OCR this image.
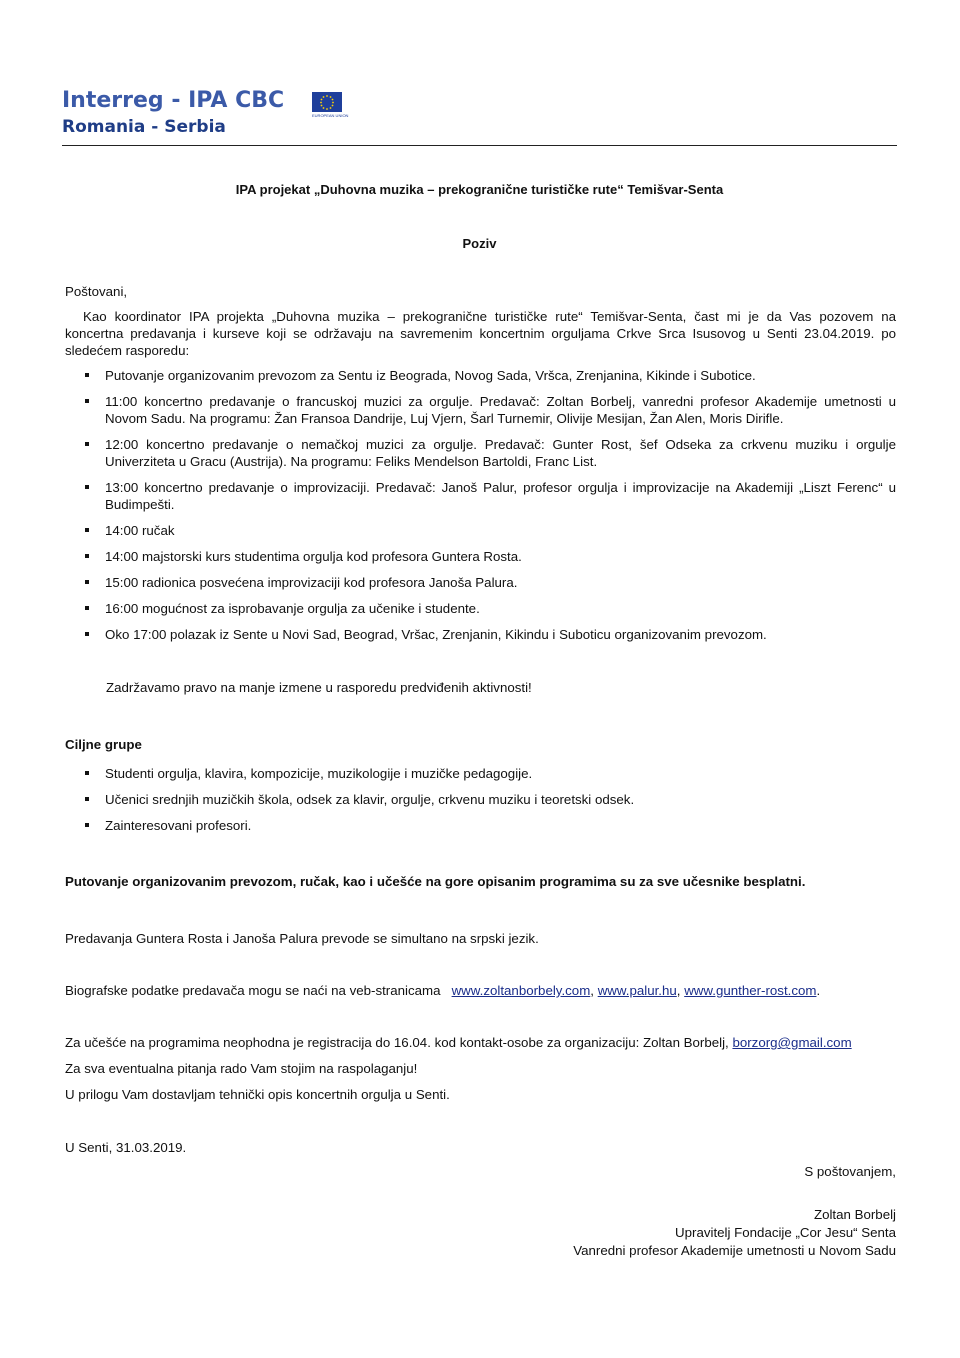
Interreg - IPA CBC
Romania - Serbia
EUROPEAN UNION
IPA projekat „Duhovna muzika – prekogranične turističke rute“ Temišvar-Senta
Poziv
Poštovani,
Kao koordinator IPA projekta „Duhovna muzika – prekogranične turističke rute“ Temišvar-Senta, čast mi je da Vas pozovem na
koncertna predavanja i kurseve koji se održavaju na savremenim koncertnim orguljama Crkve Srca Isusovog u Senti 23.04.2019. po
sledećem rasporedu:
Putovanje organizovanim prevozom za Sentu iz Beograda, Novog Sada, Vršca, Zrenjanina, Kikinde i Subotice.
11:00 koncertno predavanje o francuskoj muzici za orgulje. Predavač: Zoltan Borbelj, vanredni profesor Akademije umetnosti u
Novom Sadu. Na programu: Žan Fransoa Dandrije, Luj Vjern, Šarl Turnemir, Olivije Mesijan, Žan Alen, Moris Dirifle.
12:00 koncertno predavanje o nemačkoj muzici za orgulje. Predavač: Gunter Rost, šef Odseka za crkvenu muziku i orgulje
Univerziteta u Gracu (Austrija). Na programu: Feliks Mendelson Bartoldi, Franc List.
13:00 koncertno predavanje o improvizaciji. Predavač: Janoš Palur, profesor orgulja i improvizacije na Akademiji „Liszt Ferenc“ u
Budimpešti.
14:00 ručak
14:00 majstorski kurs studentima orgulja kod profesora Guntera Rosta.
15:00 radionica posvećena improvizaciji kod profesora Janoša Palura.
16:00 mogućnost za isprobavanje orgulja za učenike i studente.
Oko 17:00 polazak iz Sente u Novi Sad, Beograd, Vršac, Zrenjanin, Kikindu i Suboticu organizovanim prevozom.
Zadržavamo pravo na manje izmene u rasporedu predviđenih aktivnosti!
Ciljne grupe
Studenti orgulja, klavira, kompozicije, muzikologije i muzičke pedagogije.
Učenici srednjih muzičkih škola, odsek za klavir, orgulje, crkvenu muziku i teoretski odsek.
Zainteresovani profesori.
Putovanje organizovanim prevozom, ručak, kao i učešće na gore opisanim programima su za sve učesnike besplatni.
Predavanja Guntera Rosta i Janoša Palura prevode se simultano na srpski jezik.
Biografske podatke predavača mogu se naći na veb-stranicama www.zoltanborbely.com, www.palur.hu, www.gunther-rost.com.
Za učešće na programima neophodna je registracija do 16.04. kod kontakt-osobe za organizaciju: Zoltan Borbelj, borzorg@gmail.com
Za sva eventualna pitanja rado Vam stojim na raspolaganju!
U prilogu Vam dostavljam tehnički opis koncertnih orgulja u Senti.
U Senti, 31.03.2019.
S poštovanjem,
Zoltan Borbelj
Upravitelj Fondacije „Cor Jesu“ Senta
Vanredni profesor Akademije umetnosti u Novom Sadu
